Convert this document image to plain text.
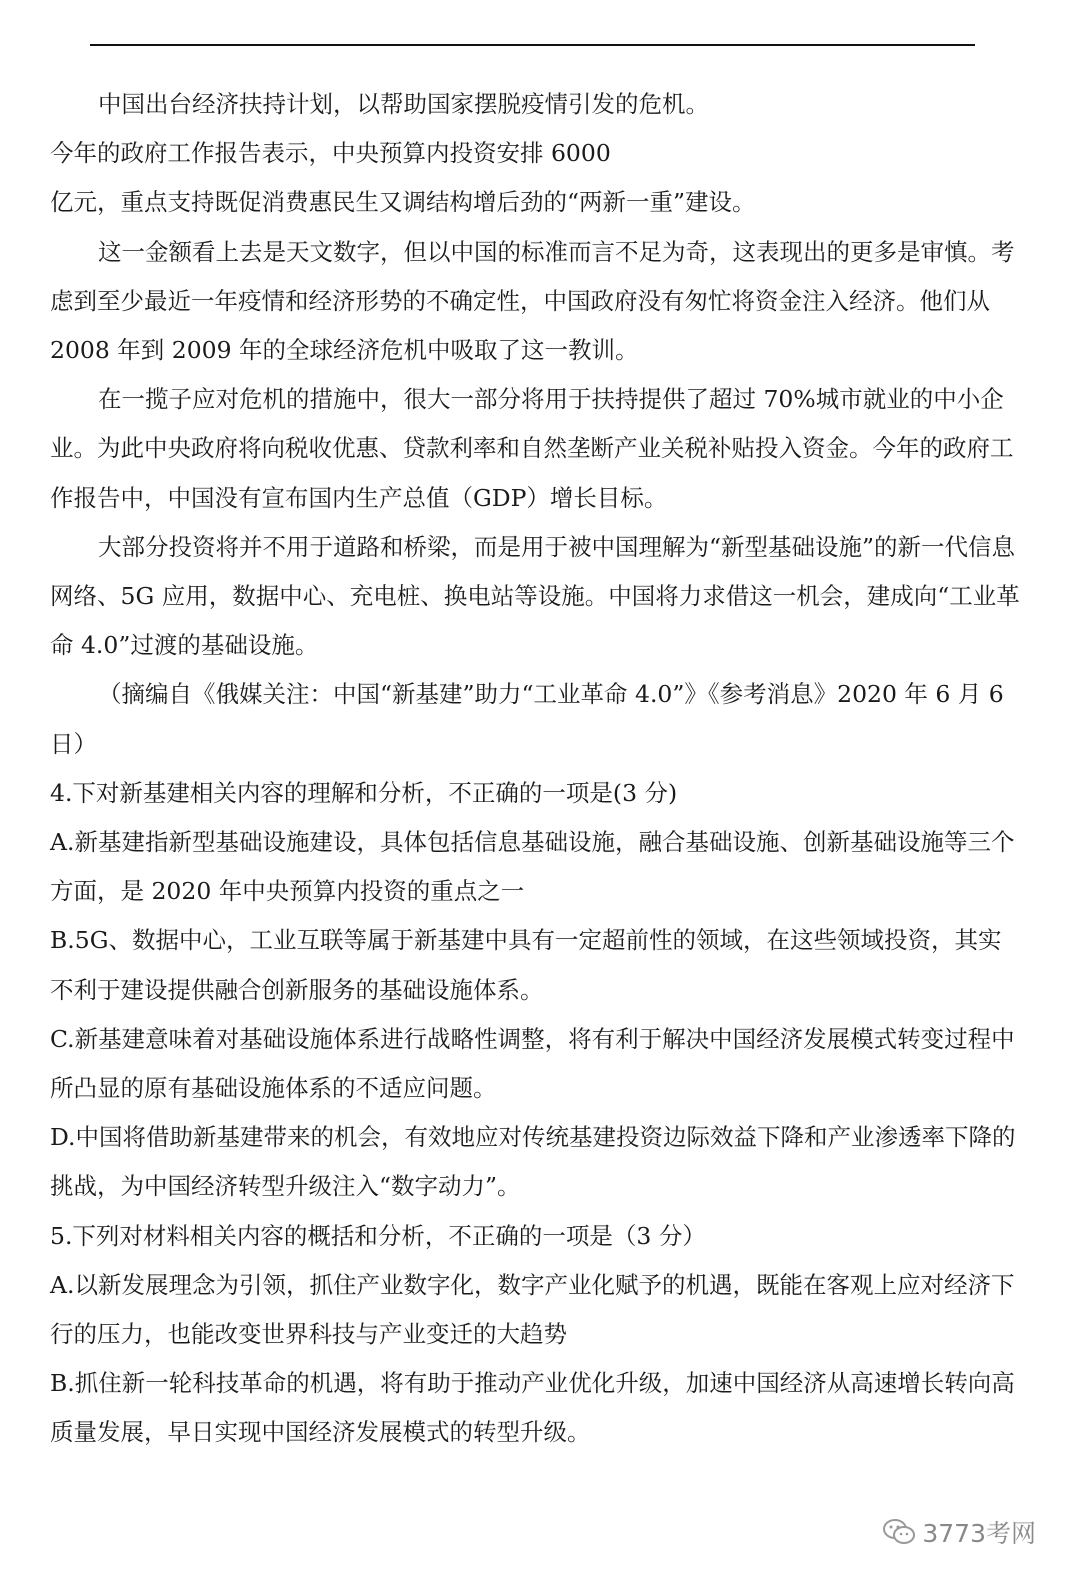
中国出台经济扶持计划，以帮助国家摆脱疫情引发的危机。

今年的政府工作报告表示，中央预算内投资安排 6000

亿元，重点支持既促消费惠民生又调结构增后劲的“两新一重”建设。

这一金额看上去是天文数字，但以中国的标准而言不足为奇，这表现出的更多是审慎。考虑到至少最近一年疫情和经济形势的不确定性，中国政府没有匆忙将资金注入经济。他们从 2008 年到 2009 年的全球经济危机中吸取了这一教训。

在一揽子应对危机的措施中，很大一部分将用于扶持提供了超过 70%城市就业的中小企业。为此中央政府将向税收优惠、贷款利率和自然垄断产业关税补贴投入资金。今年的政府工作报告中，中国没有宣布国内生产总值（GDP）增长目标。

大部分投资将并不用于道路和桥梁，而是用于被中国理解为“新型基础设施”的新一代信息网络、5G 应用，数据中心、充电桩、换电站等设施。中国将力求借这一机会，建成向“工业革命 4.0”过渡的基础设施。

（摘编自《俄媒关注：中国“新基建”助力“工业革命 4.0”》《参考消息》2020 年 6 月 6 日）

4.下对新基建相关内容的理解和分析，不正确的一项是(3 分)

A.新基建指新型基础设施建设，具体包括信息基础设施，融合基础设施、创新基础设施等三个方面，是 2020 年中央预算内投资的重点之一

B.5G、数据中心，工业互联等属于新基建中具有一定超前性的领域，在这些领域投资，其实不利于建设提供融合创新服务的基础设施体系。

C.新基建意味着对基础设施体系进行战略性调整，将有利于解决中国经济发展模式转变过程中所凸显的原有基础设施体系的不适应问题。

D.中国将借助新基建带来的机会，有效地应对传统基建投资边际效益下降和产业渗透率下降的挑战，为中国经济转型升级注入“数字动力”。

5.下列对材料相关内容的概括和分析，不正确的一项是（3 分）

A.以新发展理念为引领，抓住产业数字化，数字产业化赋予的机遇，既能在客观上应对经济下行的压力，也能改变世界科技与产业变迁的大趋势

B.抓住新一轮科技革命的机遇，将有助于推动产业优化升级，加速中国经济从高速增长转向高质量发展，早日实现中国经济发展模式的转型升级。

3773考网
